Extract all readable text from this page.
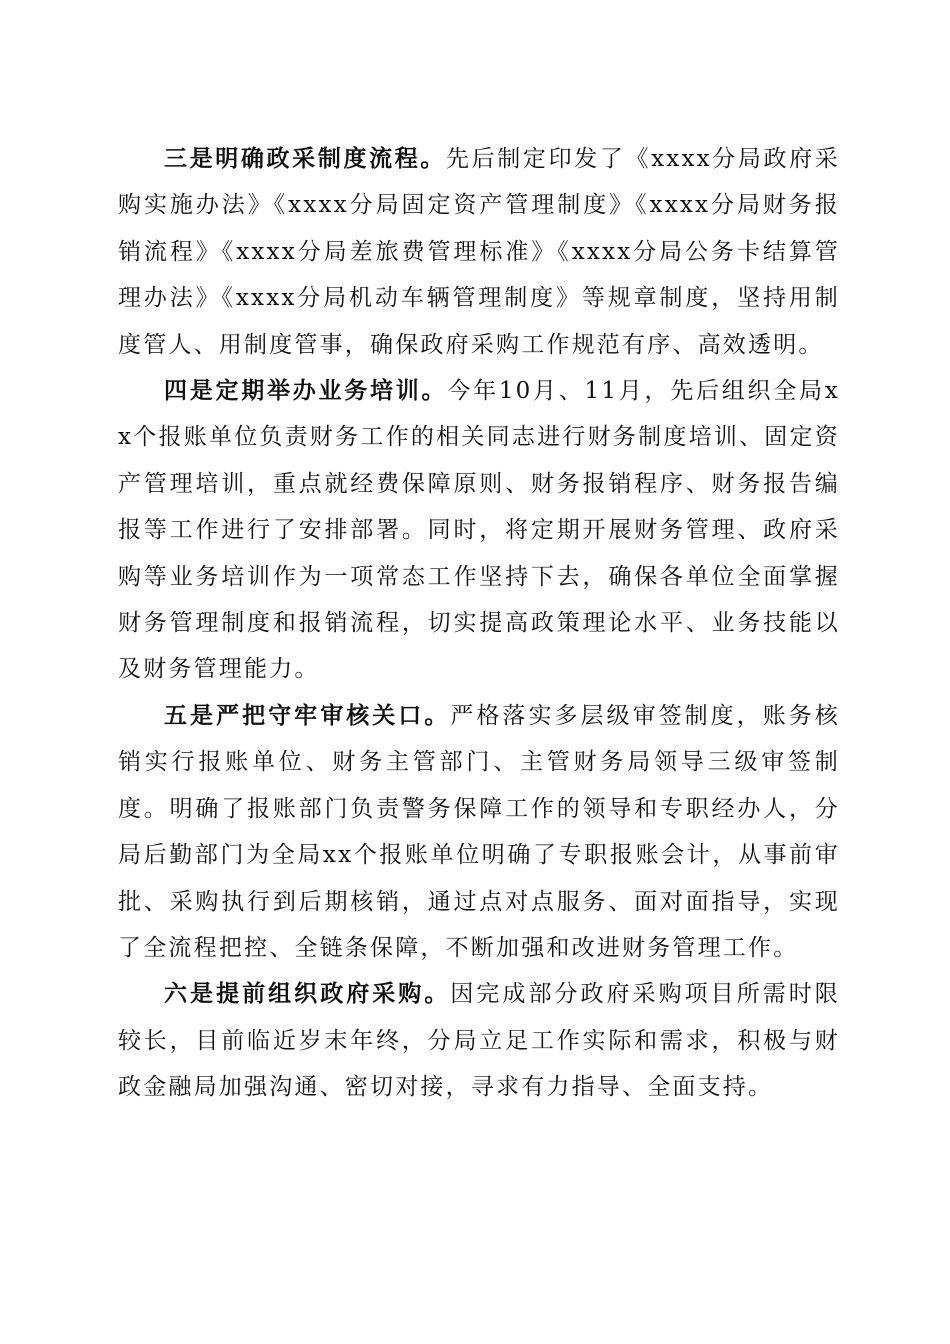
三是明确政采制度流程。先后制定印发了《xxxx分局政府采购实施办法》《xxxx分局固定资产管理制度》《xxxx分局财务报销流程》《xxxx分局差旅费管理标准》《xxxx分局公务卡结算管理办法》《xxxx分局机动车辆管理制度》等规章制度，坚持用制度管人、用制度管事，确保政府采购工作规范有序、高效透明。

四是定期举办业务培训。今年10月、11月，先后组织全局xx个报账单位负责财务工作的相关同志进行财务制度培训、固定资产管理培训，重点就经费保障原则、财务报销程序、财务报告编报等工作进行了安排部署。同时，将定期开展财务管理、政府采购等业务培训作为一项常态工作坚持下去，确保各单位全面掌握财务管理制度和报销流程，切实提高政策理论水平、业务技能以及财务管理能力。

五是严把守牢审核关口。严格落实多层级审签制度，账务核销实行报账单位、财务主管部门、主管财务局领导三级审签制度。明确了报账部门负责警务保障工作的领导和专职经办人，分局后勤部门为全局xx个报账单位明确了专职报账会计，从事前审批、采购执行到后期核销，通过点对点服务、面对面指导，实现了全流程把控、全链条保障，不断加强和改进财务管理工作。

六是提前组织政府采购。因完成部分政府采购项目所需时限较长，目前临近岁末年终，分局立足工作实际和需求，积极与财政金融局加强沟通、密切对接，寻求有力指导、全面支持。
